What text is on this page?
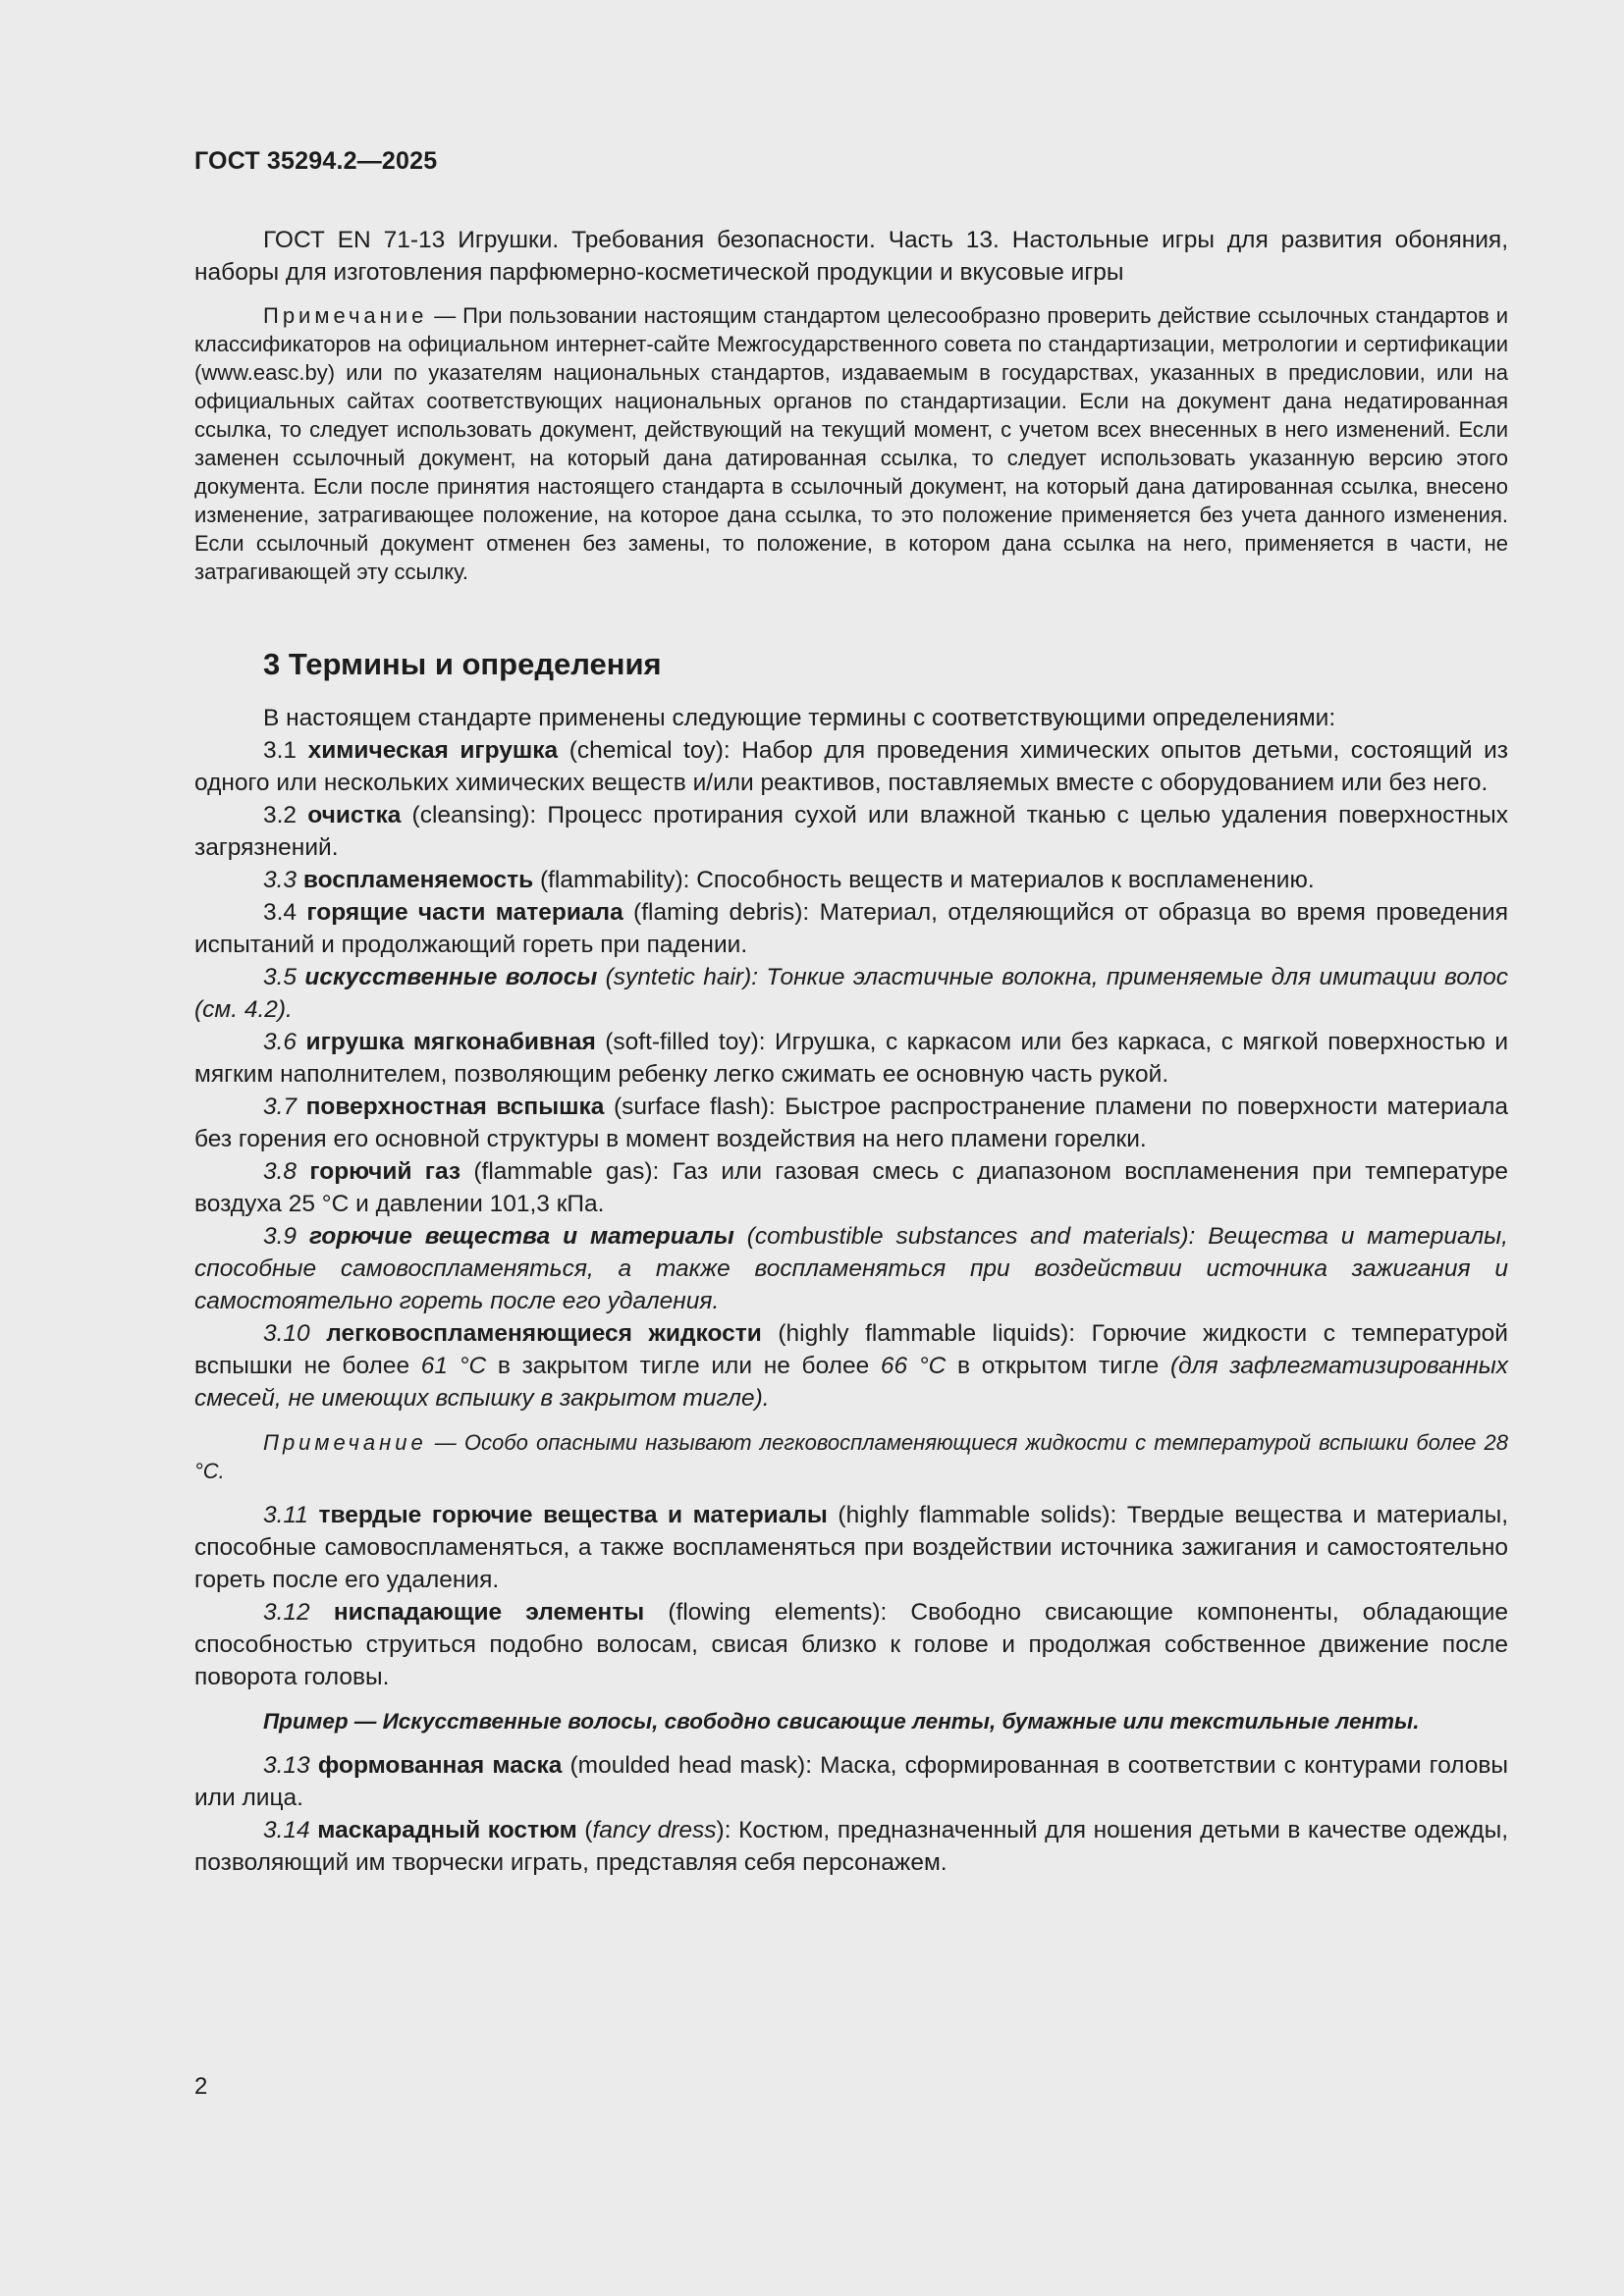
ГОСТ 35294.2—2025

ГОСТ EN 71-13 Игрушки. Требования безопасности. Часть 13. Настольные игры для развития обоняния, наборы для изготовления парфюмерно-косметической продукции и вкусовые игры

Примечание — При пользовании настоящим стандартом целесообразно проверить действие ссылочных стандартов и классификаторов на официальном интернет-сайте Межгосударственного совета по стандартизации, метрологии и сертификации (www.easc.by) или по указателям национальных стандартов, издаваемым в государствах, указанных в предисловии, или на официальных сайтах соответствующих национальных органов по стандартизации. Если на документ дана недатированная ссылка, то следует использовать документ, действующий на текущий момент, с учетом всех внесенных в него изменений. Если заменен ссылочный документ, на который дана датированная ссылка, то следует использовать указанную версию этого документа. Если после принятия настоящего стандарта в ссылочный документ, на который дана датированная ссылка, внесено изменение, затрагивающее положение, на которое дана ссылка, то это положение применяется без учета данного изменения. Если ссылочный документ отменен без замены, то положение, в котором дана ссылка на него, применяется в части, не затрагивающей эту ссылку.

3 Термины и определения

В настоящем стандарте применены следующие термины с соответствующими определениями:

3.1 химическая игрушка (chemical toy): Набор для проведения химических опытов детьми, состоящий из одного или нескольких химических веществ и/или реактивов, поставляемых вместе с оборудованием или без него.

3.2 очистка (cleansing): Процесс протирания сухой или влажной тканью с целью удаления поверхностных загрязнений.

3.3 воспламеняемость (flammability): Способность веществ и материалов к воспламенению.

3.4 горящие части материала (flaming debris): Материал, отделяющийся от образца во время проведения испытаний и продолжающий гореть при падении.

3.5 искусственные волосы (syntetic hair): Тонкие эластичные волокна, применяемые для имитации волос (см. 4.2).

3.6 игрушка мягконабивная (soft-filled toy): Игрушка, с каркасом или без каркаса, с мягкой поверхностью и мягким наполнителем, позволяющим ребенку легко сжимать ее основную часть рукой.

3.7 поверхностная вспышка (surface flash): Быстрое распространение пламени по поверхности материала без горения его основной структуры в момент воздействия на него пламени горелки.

3.8 горючий газ (flammable gas): Газ или газовая смесь с диапазоном воспламенения при температуре воздуха 25 °С и давлении 101,3 кПа.

3.9 горючие вещества и материалы (combustible substances and materials): Вещества и материалы, способные самовоспламеняться, а также воспламеняться при воздействии источника зажигания и самостоятельно гореть после его удаления.

3.10 легковоспламеняющиеся жидкости (highly flammable liquids): Горючие жидкости с температурой вспышки не более 61 °С в закрытом тигле или не более 66 °С в открытом тигле (для зафлегматизированных смесей, не имеющих вспышку в закрытом тигле).

Примечание — Особо опасными называют легковоспламеняющиеся жидкости с температурой вспышки более 28 °С.

3.11 твердые горючие вещества и материалы (highly flammable solids): Твердые вещества и материалы, способные самовоспламеняться, а также воспламеняться при воздействии источника зажигания и самостоятельно гореть после его удаления.

3.12 ниспадающие элементы (flowing elements): Свободно свисающие компоненты, обладающие способностью струиться подобно волосам, свисая близко к голове и продолжая собственное движение после поворота головы.

Пример — Искусственные волосы, свободно свисающие ленты, бумажные или текстильные ленты.

3.13 формованная маска (moulded head mask): Маска, сформированная в соответствии с контурами головы или лица.

3.14 маскарадный костюм (fancy dress): Костюм, предназначенный для ношения детьми в качестве одежды, позволяющий им творчески играть, представляя себя персонажем.

2
